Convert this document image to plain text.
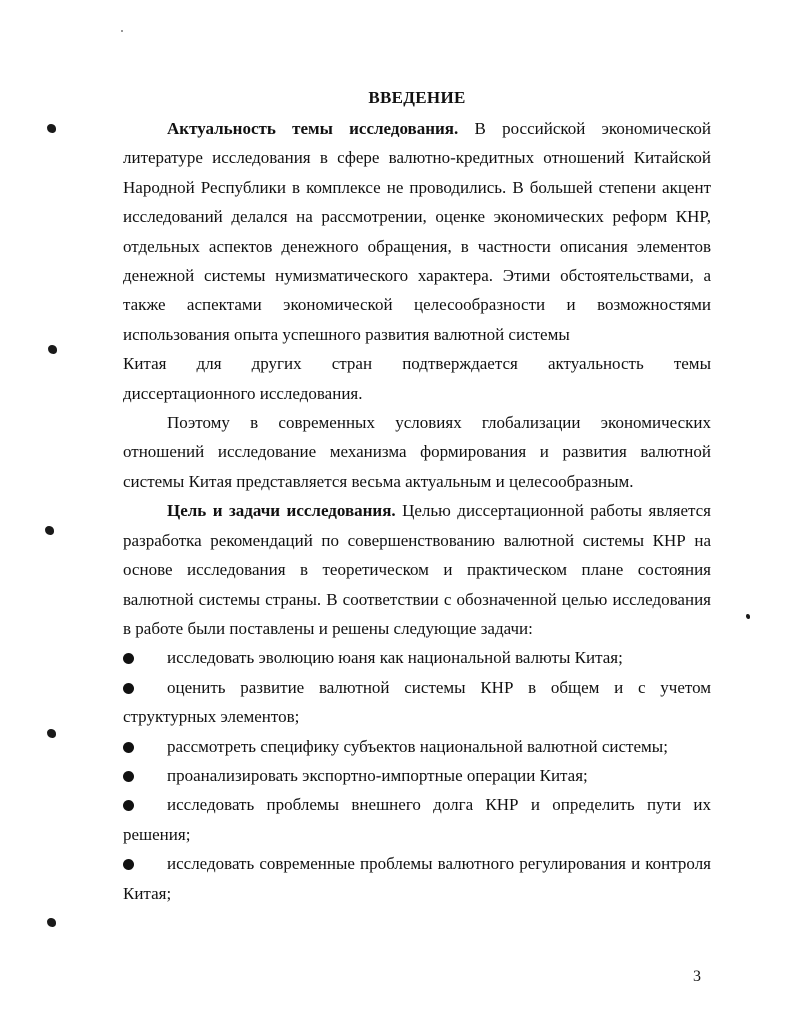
ВВЕДЕНИЕ

Актуальность темы исследования. В российской экономической литературе исследования в сфере валютно-кредитных отношений Китайской Народной Республики в комплексе не проводились. В большей степени акцент исследований делался на рассмотрении, оценке экономических реформ КНР, отдельных аспектов денежного обращения, в частности описания элементов денежной системы нумизматического характера. Этими обстоятельствами, а также аспектами экономической целесообразности и возможностями использования опыта успешного развития валютной системы

Китая для других стран подтверждается актуальность темы

диссертационного исследования.

Поэтому в современных условиях глобализации экономических отношений исследование механизма формирования и развития валютной системы Китая представляется весьма актуальным и целесообразным.

Цель и задачи исследования. Целью диссертационной работы является разработка рекомендаций по совершенствованию валютной системы КНР на основе исследования в теоретическом и практическом плане состояния валютной системы страны. В соответствии с обозначенной целью исследования в работе были поставлены и решены следующие задачи:

исследовать эволюцию юаня как национальной валюты Китая;

оценить развитие валютной системы КНР в общем и с учетом структурных элементов;

рассмотреть специфику субъектов национальной валютной системы;

проанализировать экспортно-импортные операции Китая;

исследовать проблемы внешнего долга КНР и определить пути их решения;

исследовать современные проблемы валютного регулирования и контроля Китая;

3
